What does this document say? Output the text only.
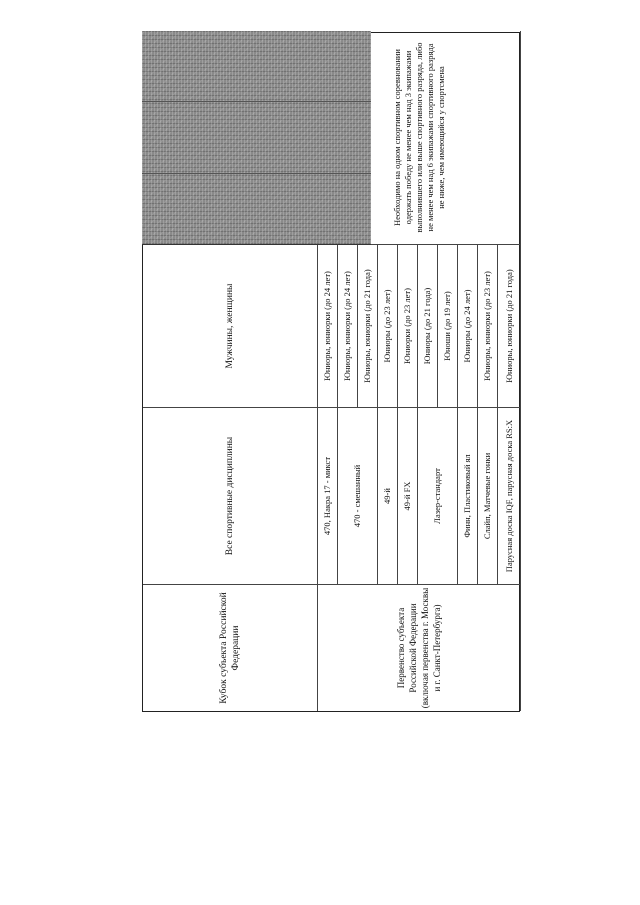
Кубок субъекта Российской Федерации
Все спортивные дисциплины
Мужчины, женщины
Первенство субъекта Российской Федерации (включая первенства г. Москвы и г. Санкт-Петербурга)
470, Накра 17 - микст
Юниоры, юниорки (до 24 лет)
470 - смешанный
Юниоры, юниорки (до 24 лет)	Юниоры, юниорки (до 21 года)
49-й
Юниоры (до 23 лет)
49-й FX
Юниорки (до 23 лет)
Лазер-стандарт
Юниоры (до 21 года)	Юноши (до 19 лет)
Финн, Пластиковый ял
Юниоры (до 24 лет)
Слайп, Матчевые гонки
Юниоры, юниорки (до 23 лет)
Парусная доска IQF, парусная доска RS:X
Юниоры, юниорки (до 21 года)
Необходимо на одном спортивном соревновании одержать победу не менее чем над 3 экипажами выполнившего или выше спортивного разряда, либо не менее чем над 6 экипажами спортивного разряда не ниже, чем имеющийся у спортсмена
